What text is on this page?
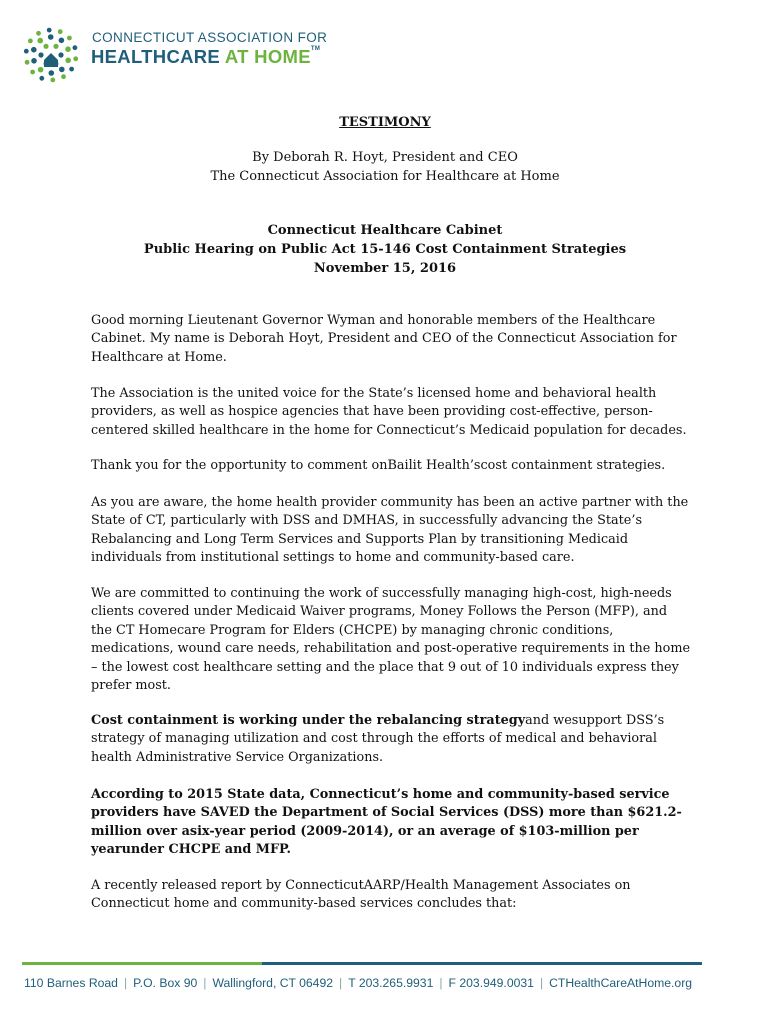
CONNECTICUT ASSOCIATION FOR
HEALTHCARE AT HOME™
TESTIMONY
By Deborah R. Hoyt, President and CEO
The Connecticut Association for Healthcare at Home
Connecticut Healthcare Cabinet
Public Hearing on Public Act 15-146 Cost Containment Strategies
November 15, 2016

Good morning Lieutenant Governor Wyman and honorable members of the Healthcare Cabinet. My name is Deborah Hoyt, President and CEO of the Connecticut Association for Healthcare at Home.

The Association is the united voice for the State’s licensed home and behavioral health providers, as well as hospice agencies that have been providing cost-effective, person-centered skilled healthcare in the home for Connecticut’s Medicaid population for decades.

Thank you for the opportunity to comment onBailit Health’scost containment strategies.

As you are aware, the home health provider community has been an active partner with the State of CT, particularly with DSS and DMHAS, in successfully advancing the State’s Rebalancing and Long Term Services and Supports Plan by transitioning Medicaid individuals from institutional settings to home and community-based care.

We are committed to continuing the work of successfully managing high-cost, high-needs clients covered under Medicaid Waiver programs, Money Follows the Person (MFP), and the CT Homecare Program for Elders (CHCPE) by managing chronic conditions, medications, wound care needs, rehabilitation and post-operative requirements in the home – the lowest cost healthcare setting and the place that 9 out of 10 individuals express they prefer most.

Cost containment is working under the rebalancing strategyand wesupport DSS’s strategy of managing utilization and cost through the efforts of medical and behavioral health Administrative Service Organizations.

According to 2015 State data, Connecticut’s home and community-based service providers have SAVED the Department of Social Services (DSS) more than $621.2-million over asix-year period (2009-2014), or an average of $103-million per yearunder CHCPE and MFP.

A recently released report by ConnecticutAARP/Health Management Associates on Connecticut home and community-based services concludes that:

110 Barnes Road | P.O. Box 90 | Wallingford, CT 06492 | T 203.265.9931 | F 203.949.0031 | CTHealthCareAtHome.org
